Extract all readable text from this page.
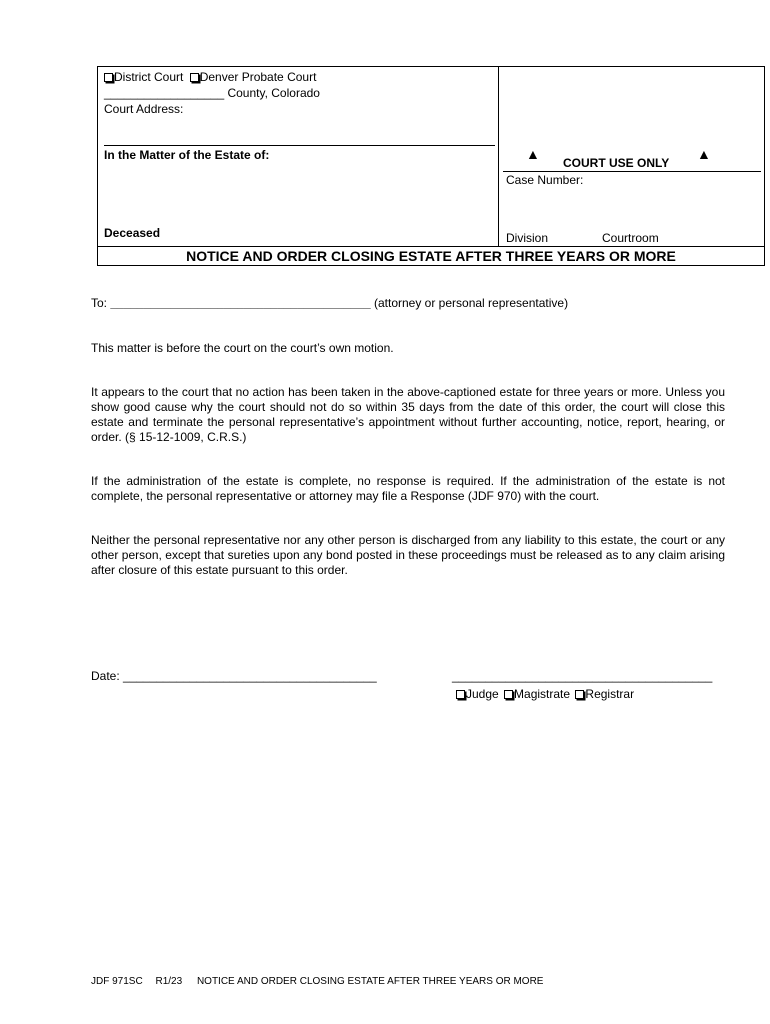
District Court Denver Probate Court
__________________ County, Colorado
Court Address:
In the Matter of the Estate of:
Deceased
▲
COURT USE ONLY
▲
Case Number:
Division	Courtroom
NOTICE AND ORDER CLOSING ESTATE AFTER THREE YEARS OR MORE
To: _______________________________________ (attorney or personal representative)
This matter is before the court on the court’s own motion.
It appears to the court that no action has been taken in the above-captioned estate for three years or more. Unless you show good cause why the court should not do so within 35 days from the date of this order, the court will close this estate and terminate the personal representative’s appointment without further accounting, notice, report, hearing, or order. (§ 15-12-1009, C.R.S.)
If the administration of the estate is complete, no response is required. If the administration of the estate is not complete, the personal representative or attorney may file a Response (JDF 970) with the court.
Neither the personal representative nor any other person is discharged from any liability to this estate, the court or any other person, except that sureties upon any bond posted in these proceedings must be released as to any claim arising after closure of this estate pursuant to this order.
Date: ______________________________________	_______________________________________
Judge Magistrate Registrar
JDF 971SC R1/23 NOTICE AND ORDER CLOSING ESTATE AFTER THREE YEARS OR MORE
